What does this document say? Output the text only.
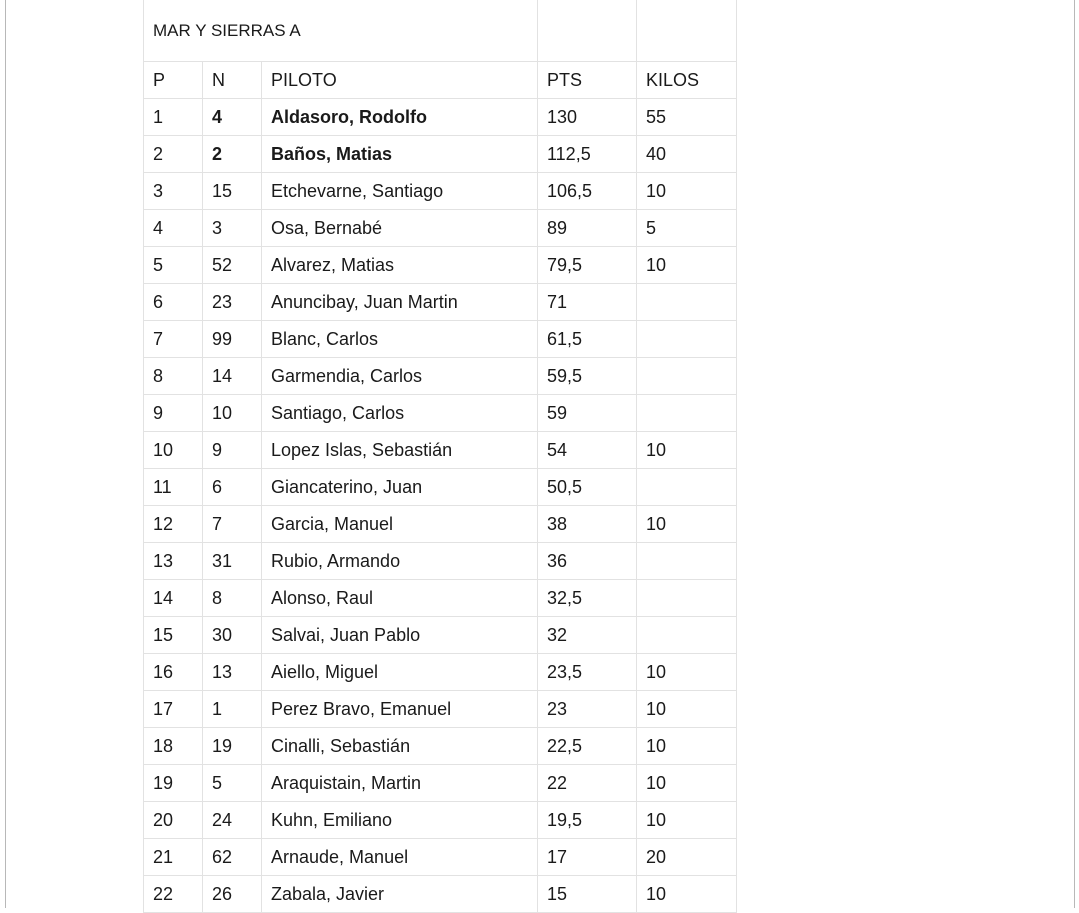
MAR Y SIERRAS A				
P	N	PILOTO	PTS	KILOS
1	4	Aldasoro, Rodolfo	130	55
2	2	Baños, Matias	112,5	40
3	15	Etchevarne, Santiago	106,5	10
4	3	Osa, Bernabé	89	5
5	52	Alvarez, Matias	79,5	10
6	23	Anuncibay, Juan Martin	71	
7	99	Blanc, Carlos	61,5	
8	14	Garmendia, Carlos	59,5	
9	10	Santiago, Carlos	59	
10	9	Lopez Islas, Sebastián	54	10
11	6	Giancaterino, Juan	50,5	
12	7	Garcia, Manuel	38	10
13	31	Rubio, Armando	36	
14	8	Alonso, Raul	32,5	
15	30	Salvai, Juan Pablo	32	
16	13	Aiello, Miguel	23,5	10
17	1	Perez Bravo, Emanuel	23	10
18	19	Cinalli, Sebastián	22,5	10
19	5	Araquistain, Martin	22	10
20	24	Kuhn, Emiliano	19,5	10
21	62	Arnaude, Manuel	17	20
22	26	Zabala, Javier	15	10
